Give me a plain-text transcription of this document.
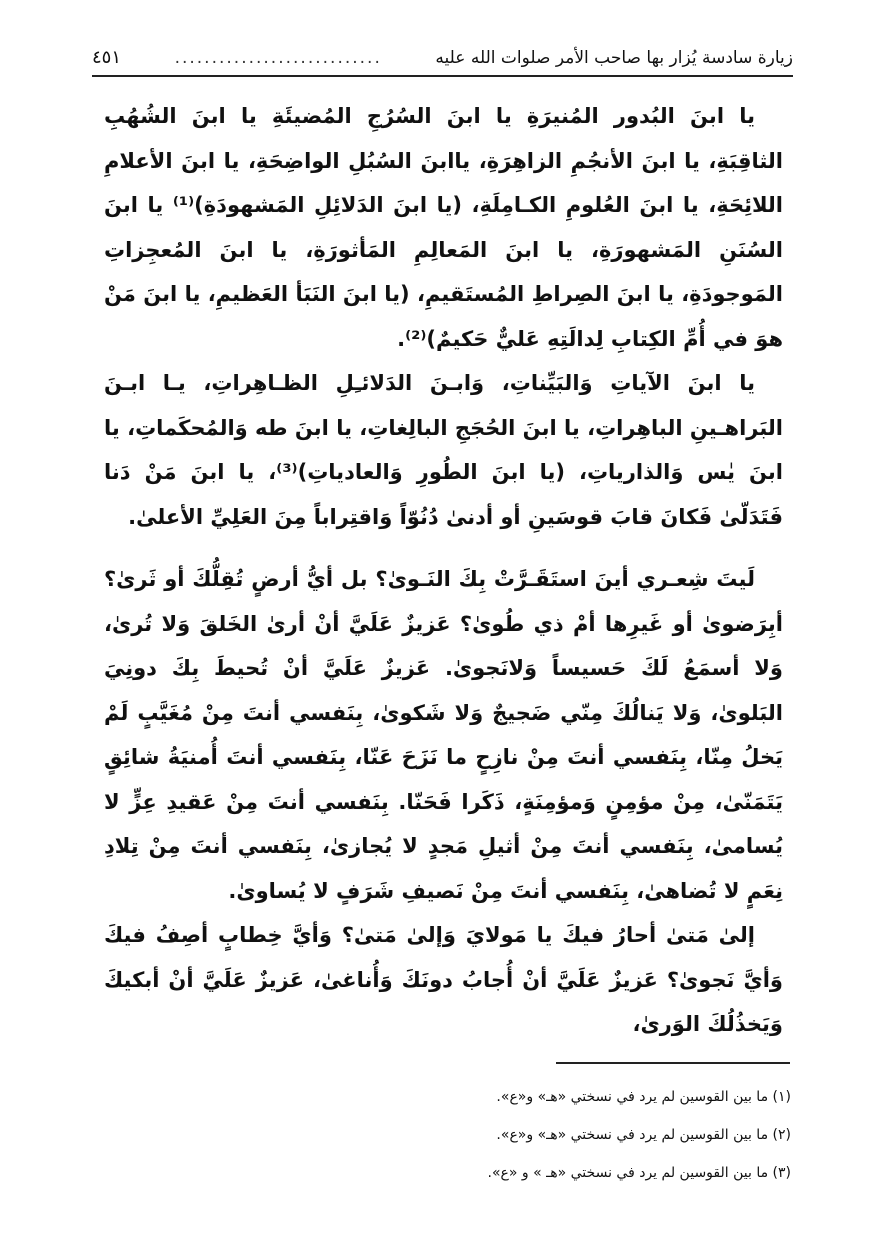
زيارة سادسة يُزار بها صاحب الأمر صلوات الله عليه
............................
٤٥١

يا ابنَ البُدور المُنيرَةِ يا ابنَ السُرُجِ المُضيئَةِ يا ابنَ الشُهُبِ الثاقِبَةِ، يا ابنَ الأنجُمِ الزاهِرَةِ، ياابنَ السُبُلِ الواضِحَةِ، يا ابنَ الأعلامِ اللائِحَةِ، يا ابنَ العُلومِ الكـامِلَةِ، (يا ابنَ الدَلائِلِ المَشهودَةِ)⁽¹⁾ يا ابنَ السُنَنِ المَشهورَةِ، يا ابنَ المَعالِمِ المَأثورَةِ، يا ابنَ المُعجِزاتِ المَوجودَةِ، يا ابنَ الصِراطِ المُستَقيمِ، (يا ابنَ النَبَأ العَظيمِ، يا ابنَ مَنْ هوَ في أُمِّ الكِتابِ لِدالَتِهِ عَليٌّ حَكيمٌ)⁽²⁾.

يا ابنَ الآياتِ وَالبَيِّناتِ، وَابـنَ الدَلائـِلِ الظـاهِراتِ، يـا ابـنَ البَراهـينِ الباهِراتِ، يا ابنَ الحُجَجِ البالِغاتِ، يا ابنَ طه وَالمُحكَماتِ، يا ابنَ يٰس وَالذارياتِ، (يا ابنَ الطُورِ وَالعادياتِ)⁽³⁾، يا ابنَ مَنْ دَنا فَتَدَلّىٰ فَكانَ قابَ قوسَينِ أو أدنىٰ دُنُوّاً وَاقتِراباً مِنَ العَلِيِّ الأعلىٰ.

لَيتَ شِعـري أينَ استَقَـرَّتْ بِكَ النَـوىٰ؟ بل أيُّ أرضٍ تُقِلُّكَ أو ثَرىٰ؟ أبِرَضوىٰ أو غَيرِها أمْ ذي طُوىٰ؟ عَزيزٌ عَلَيَّ أنْ أرىٰ الخَلقَ وَلا تُرىٰ، وَلا أسمَعُ لَكَ حَسيساً وَلانَجوىٰ. عَزيزٌ عَلَيَّ أنْ تُحيطَ بِكَ دونِيَ البَلوىٰ، وَلا يَنالُكَ مِنّي ضَجيجٌ وَلا شَكوىٰ، بِنَفسي أنتَ مِنْ مُغَيَّبٍ لَمْ يَخلُ مِنّا، بِنَفسي أنتَ مِنْ نازِحٍ ما نَزَحَ عَنّا، بِنَفسي أنتَ أُمنيَةُ شائِقٍ يَتَمَنّىٰ، مِنْ مؤمِنٍ وَمؤمِنَةٍ، ذَكَرا فَحَنّا. بِنَفسي أنتَ مِنْ عَقيدِ عِزٍّ لا يُسامىٰ، بِنَفسي أنتَ مِنْ أثيلِ مَجدٍ لا يُجازىٰ، بِنَفسي أنتَ مِنْ تِلادِ نِعَمٍ لا تُضاهىٰ، بِنَفسي أنتَ مِنْ نَصيفِ شَرَفٍ لا يُساوىٰ.

إلىٰ مَتىٰ أحارُ فيكَ يا مَولايَ وَإلىٰ مَتىٰ؟ وَأيَّ خِطابٍ أصِفُ فيكَ وَأيَّ نَجوىٰ؟ عَزيزٌ عَلَيَّ أنْ أُجابُ دونَكَ وَأُناغىٰ، عَزيزٌ عَلَيَّ أنْ أبكيكَ وَيَخذُلُكَ الوَرىٰ،

(١) ما بين القوسين لم يرد في نسختي «هـ» و«ع».

(٢) ما بين القوسين لم يرد في نسختي «هـ» و«ع».

(٣) ما بين القوسين لم يرد في نسختي «هـ » و «ع».
